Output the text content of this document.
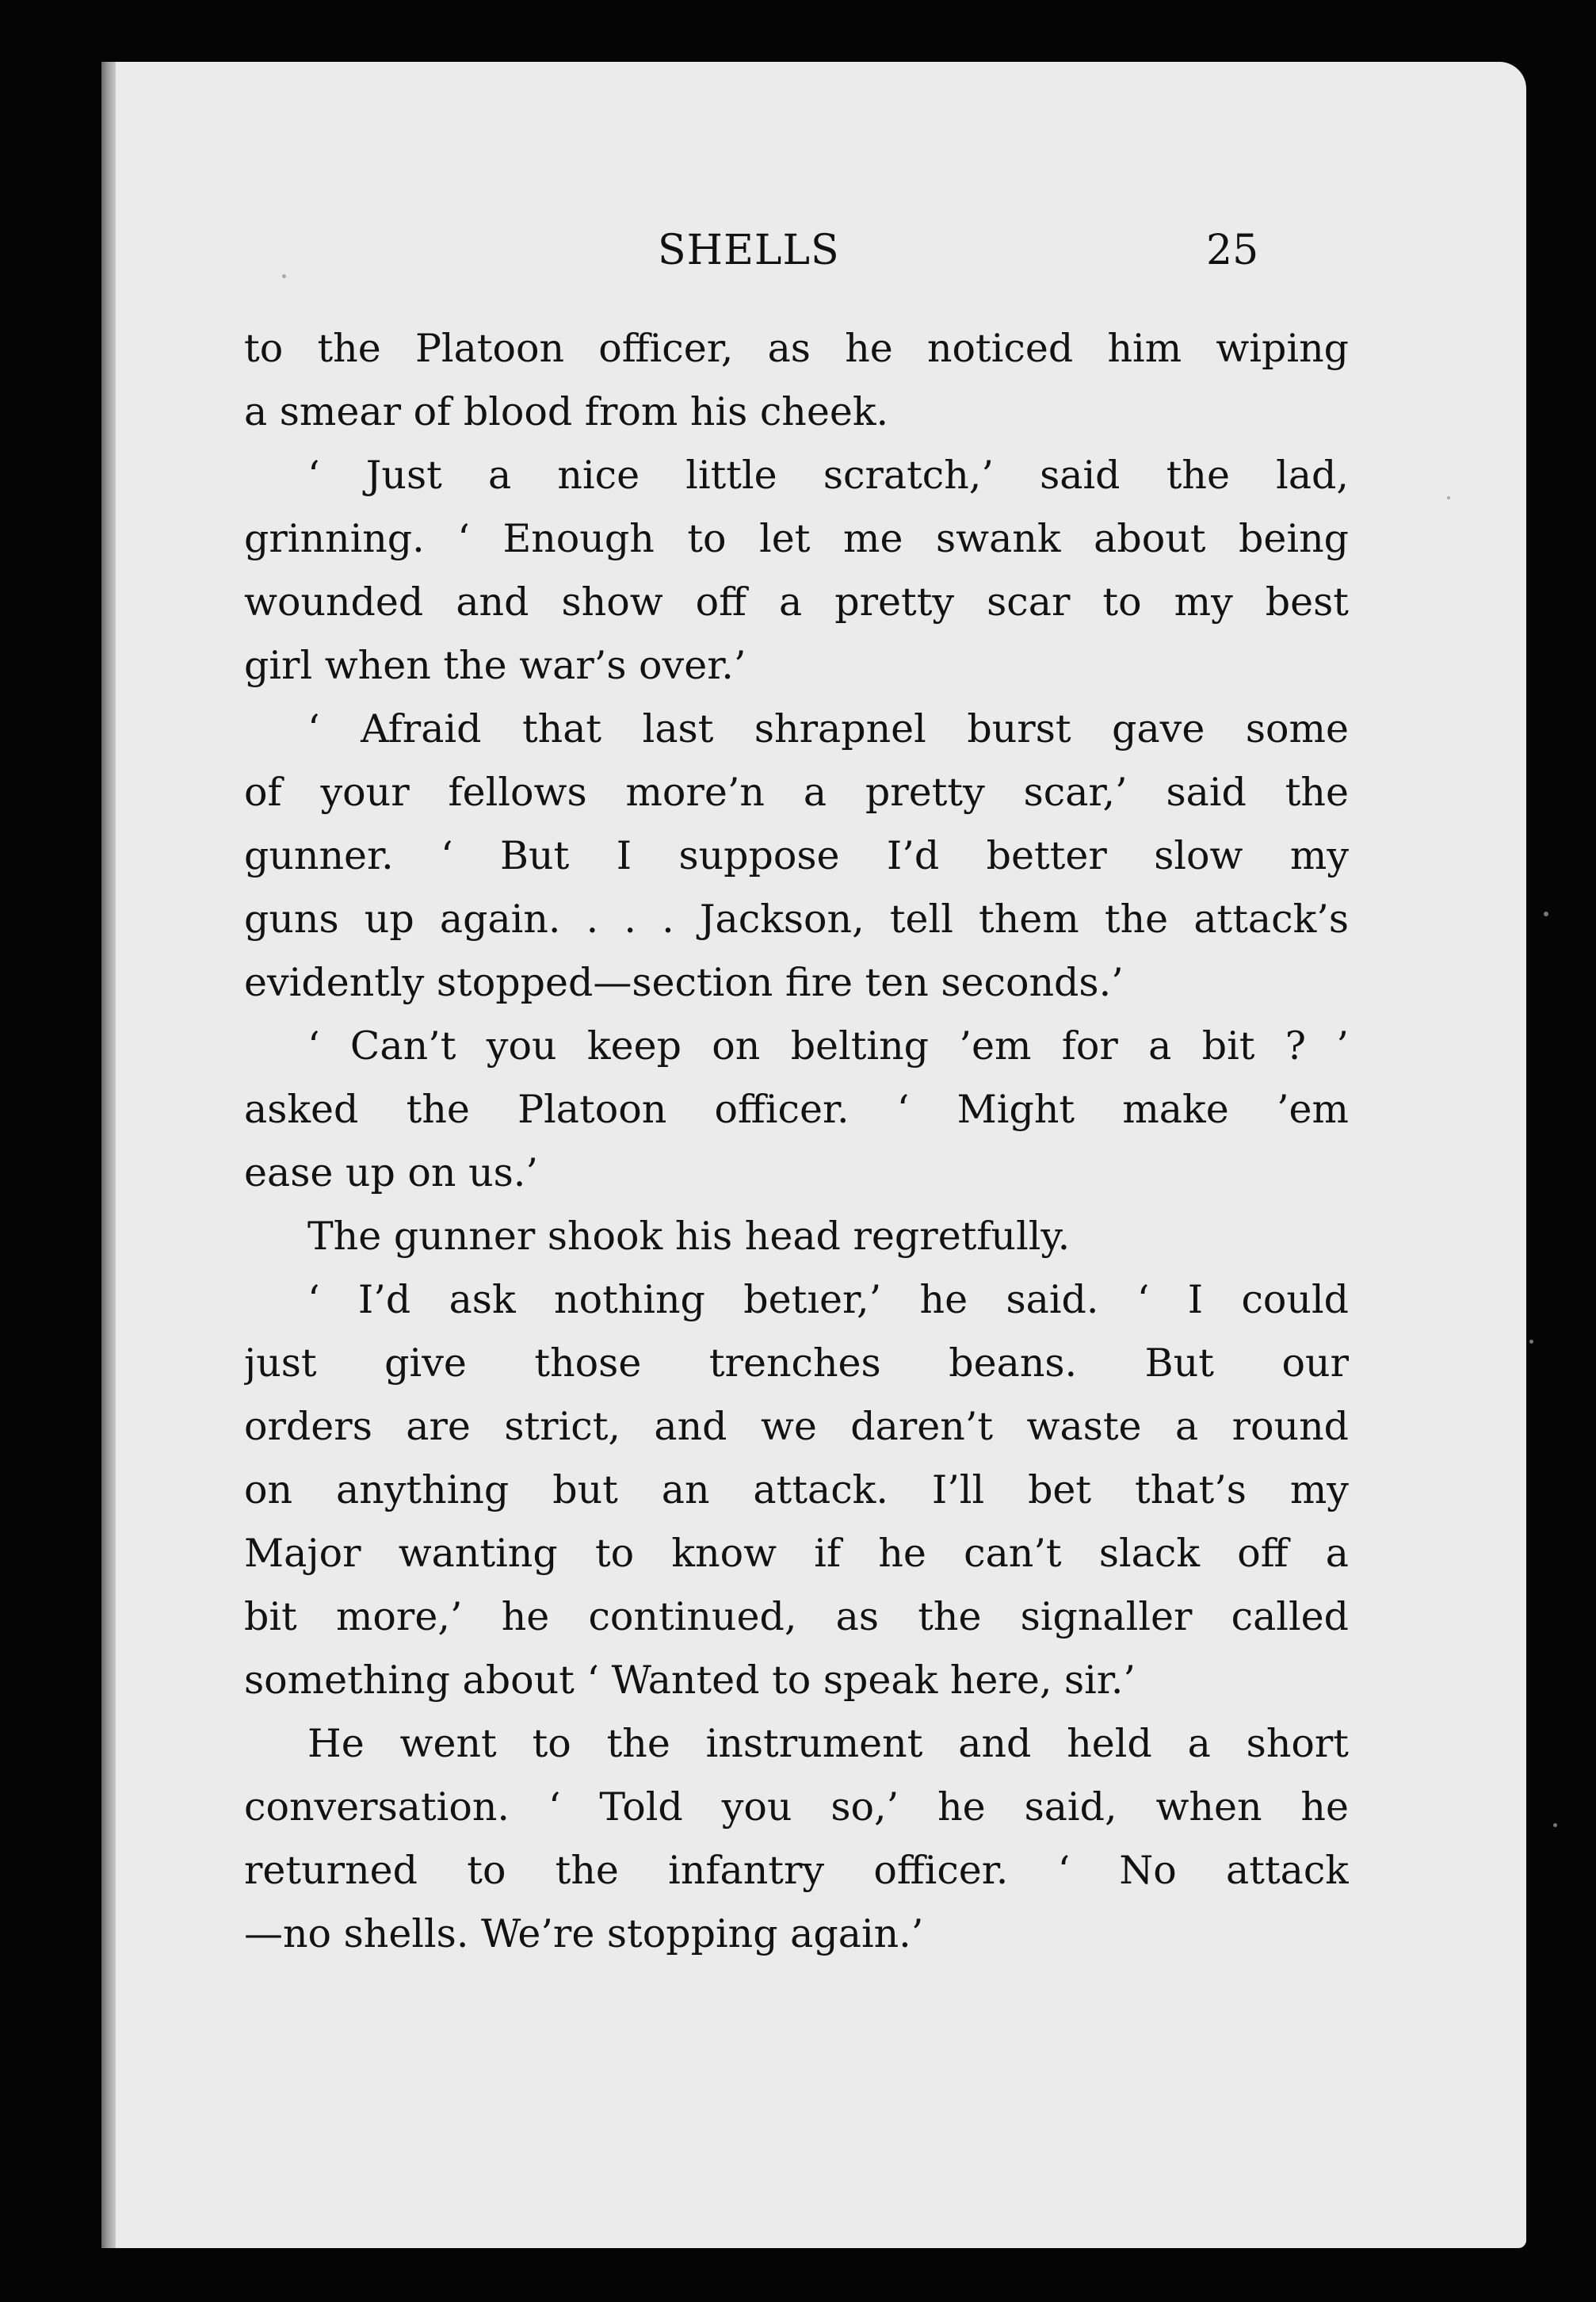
SHELLS	25
to the Platoon officer, as he noticed him wiping
a smear of blood from his cheek.
‘ Just a nice little scratch,’ said the lad,
grinning. ‘ Enough to let me swank about being
wounded and show off a pretty scar to my best
girl when the war’s over.’
‘ Afraid that last shrapnel burst gave some
of your fellows more’n a pretty scar,’ said the
gunner. ‘ But I suppose I’d better slow my
guns up again. . . . Jackson, tell them the attack’s
evidently stopped—section fire ten seconds.’
‘ Can’t you keep on belting ’em for a bit ? ’
asked the Platoon officer. ‘ Might make ’em
ease up on us.’
The gunner shook his head regretfully.
‘ I’d ask nothing betıer,’ he said. ‘ I could
just give those trenches beans. But our
orders are strict, and we daren’t waste a round
on anything but an attack. I’ll bet that’s my
Major wanting to know if he can’t slack off a
bit more,’ he continued, as the signaller called
something about ‘ Wanted to speak here, sir.’
He went to the instrument and held a short
conversation. ‘ Told you so,’ he said, when he
returned to the infantry officer. ‘ No attack
—no shells. We’re stopping again.’
